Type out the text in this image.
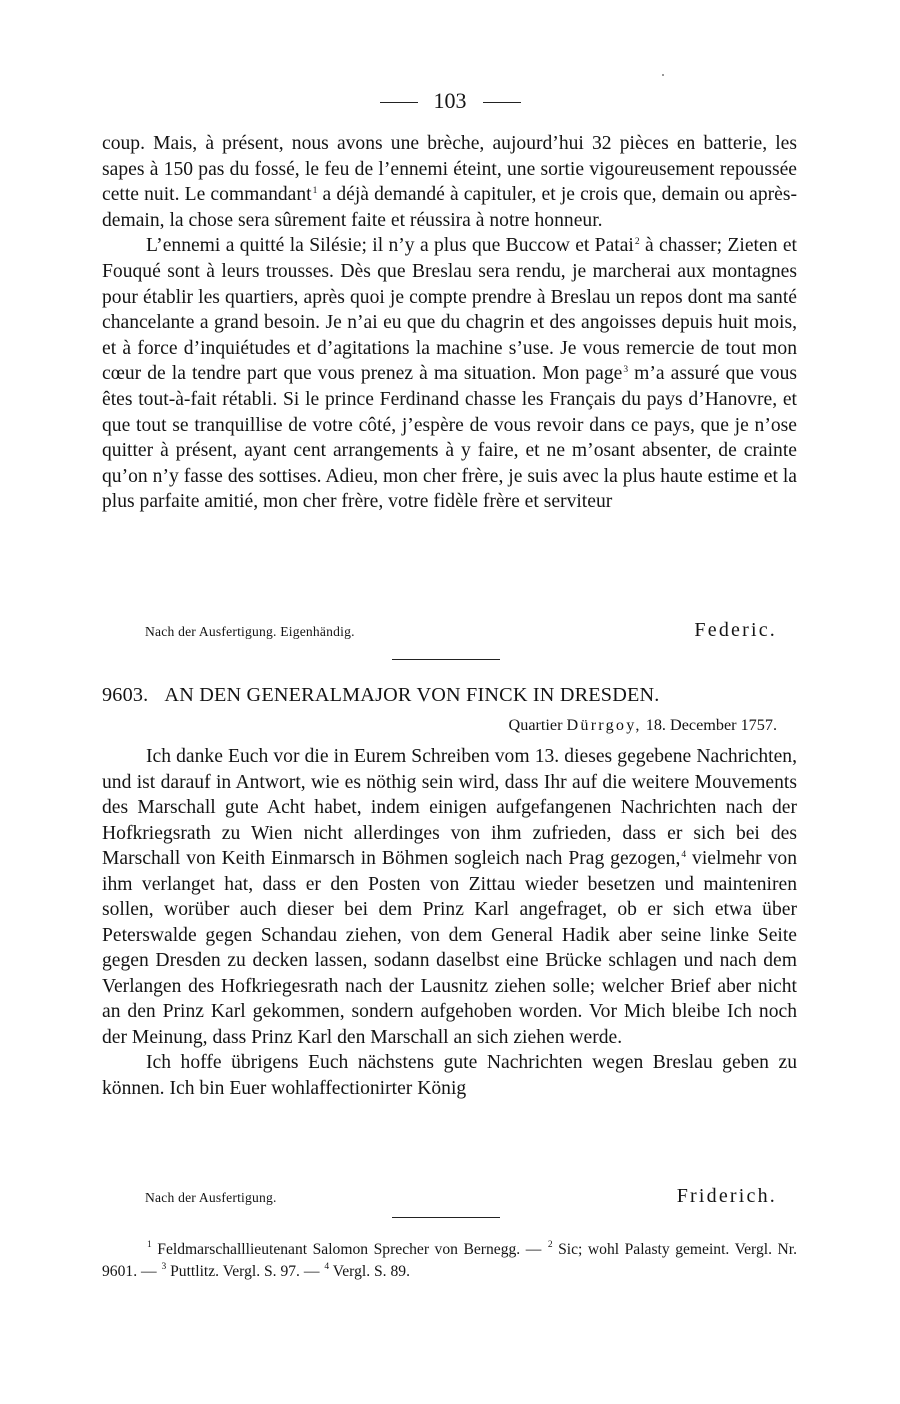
103

coup. Mais, à présent, nous avons une brèche, aujourd’hui 32 pièces en batterie, les sapes à 150 pas du fossé, le feu de l’ennemi éteint, une sortie vigoureusement repoussée cette nuit. Le commandant$^1$ a déjà demandé à capituler, et je crois que, demain ou après-demain, la chose sera sûrement faite et réussira à notre honneur.

L’ennemi a quitté la Silésie; il n’y a plus que Buccow et Patai$^2$ à chasser; Zieten et Fouqué sont à leurs trousses. Dès que Breslau sera rendu, je marcherai aux montagnes pour établir les quartiers, après quoi je compte prendre à Breslau un repos dont ma santé chancelante a grand besoin. Je n’ai eu que du chagrin et des angoisses depuis huit mois, et à force d’inquiétudes et d’agitations la machine s’use. Je vous remercie de tout mon cœur de la tendre part que vous prenez à ma situation. Mon page$^3$ m’a assuré que vous êtes tout-à-fait rétabli. Si le prince Ferdinand chasse les Français du pays d’Hanovre, et que tout se tranquillise de votre côté, j’espère de vous revoir dans ce pays, que je n’ose quitter à présent, ayant cent arrangements à y faire, et ne m’osant absenter, de crainte qu’on n’y fasse des sottises. Adieu, mon cher frère, je suis avec la plus haute estime et la plus parfaite amitié, mon cher frère, votre fidèle frère et serviteur

Nach der Ausfertigung. Eigenhändig.	Federic.
9603. AN DEN GENERALMAJOR VON FINCK IN DRESDEN.
Quartier Dürrgoy, 18. December 1757.

Ich danke Euch vor die in Eurem Schreiben vom 13. dieses gegebene Nachrichten, und ist darauf in Antwort, wie es nöthig sein wird, dass Ihr auf die weitere Mouvements des Marschall gute Acht habet, indem einigen aufgefangenen Nachrichten nach der Hofkriegsrath zu Wien nicht allerdinges von ihm zufrieden, dass er sich bei des Marschall von Keith Einmarsch in Böhmen sogleich nach Prag gezogen,$^4$ vielmehr von ihm verlanget hat, dass er den Posten von Zittau wieder besetzen und mainteniren sollen, worüber auch dieser bei dem Prinz Karl angefraget, ob er sich etwa über Peterswalde gegen Schandau ziehen, von dem General Hadik aber seine linke Seite gegen Dresden zu decken lassen, sodann daselbst eine Brücke schlagen und nach dem Verlangen des Hofkriegesrath nach der Lausnitz ziehen solle; welcher Brief aber nicht an den Prinz Karl gekommen, sondern aufgehoben worden. Vor Mich bleibe Ich noch der Meinung, dass Prinz Karl den Marschall an sich ziehen werde.

Ich hoffe übrigens Euch nächstens gute Nachrichten wegen Breslau geben zu können. Ich bin Euer wohlaffectionirter König

Nach der Ausfertigung.	Friderich.

$^1$ Feldmarschalllieutenant Salomon Sprecher von Bernegg. — $^2$ Sic; wohl Palasty gemeint. Vergl. Nr. 9601. — $^3$ Puttlitz. Vergl. S. 97. — $^4$ Vergl. S. 89.
